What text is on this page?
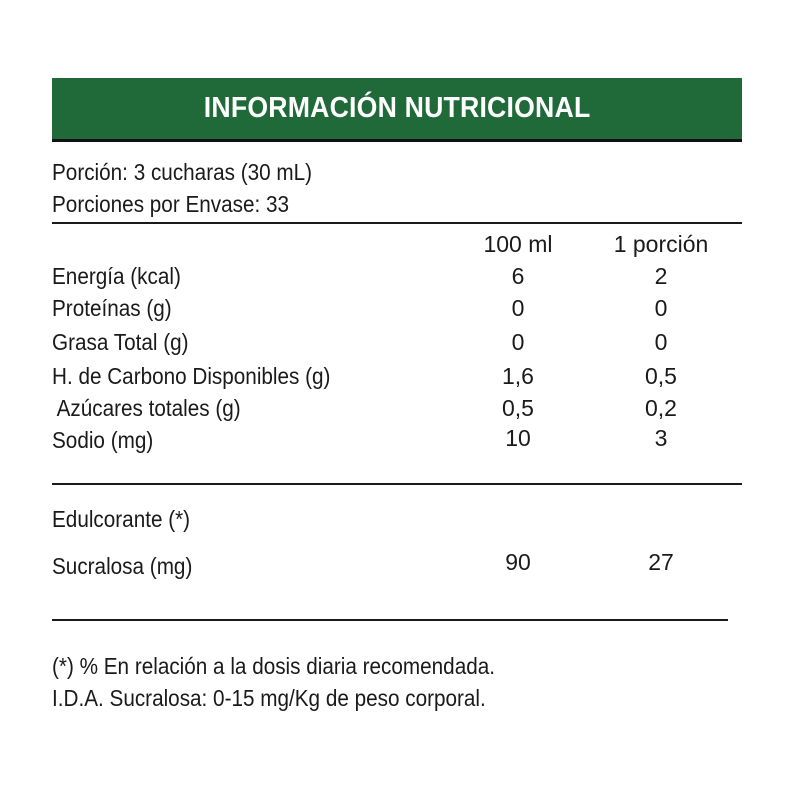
INFORMACIÓN NUTRICIONAL
Porción: 3 cucharas (30 mL)
Porciones por Envase: 33
100 ml	1 porción
Energía (kcal)	6	2
Proteínas (g)	0	0
Grasa Total (g)	0	0
H. de Carbono Disponibles (g)	1,6	0,5
Azúcares totales (g)	0,5	0,2
Sodio (mg)	10	3
Edulcorante (*)
Sucralosa (mg)	90	27
(*) % En relación a la dosis diaria recomendada.
I.D.A. Sucralosa: 0-15 mg/Kg de peso corporal.
